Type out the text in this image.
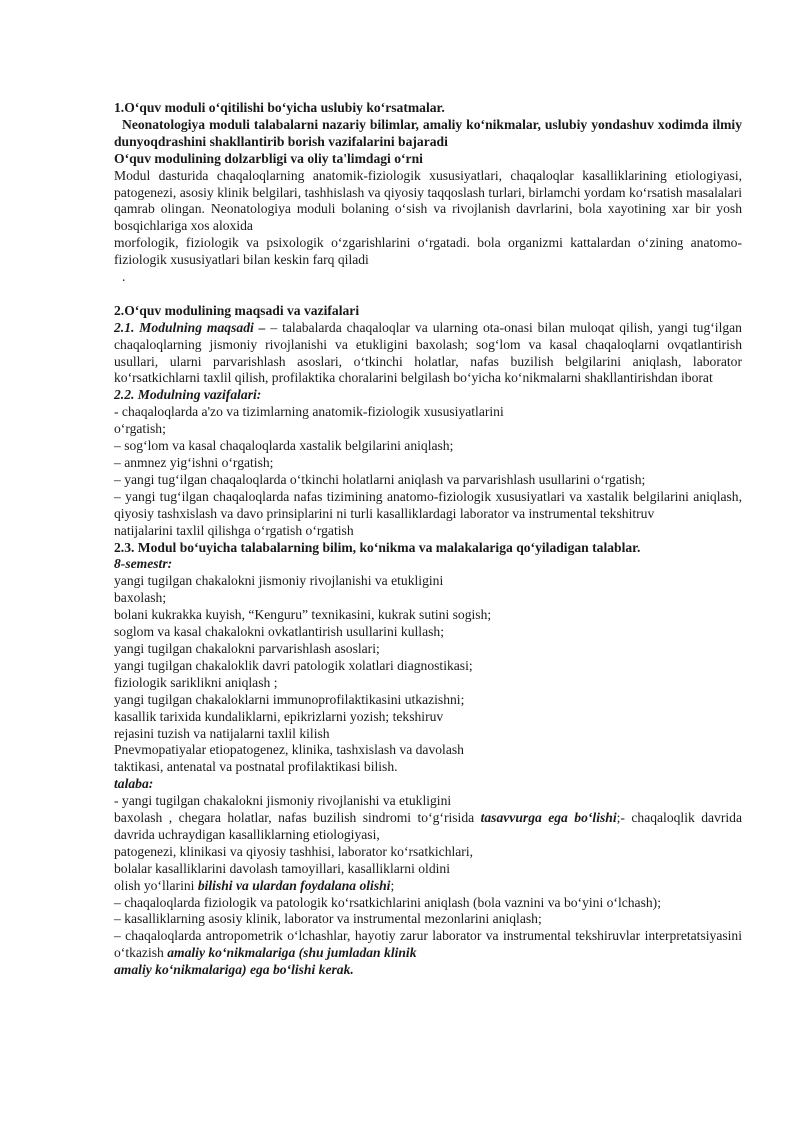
1.O‘quv moduli o‘qitilishi bo‘yicha uslubiy ko‘rsatmalar.

Neonatologiya moduli talabalarni nazariy bilimlar, amaliy ko‘nikmalar, uslubiy yondashuv xodimda ilmiy dunyoqdrashini shakllantirib borish vazifalarini bajaradi

O‘quv modulining dolzarbligi va oliy ta'limdagi o‘rni

Modul dasturida chaqaloqlarning anatomik-fiziologik xususiyatlari, chaqaloqlar kasalliklarining etiologiyasi, patogenezi, asosiy klinik belgilari, tashhislash va qiyosiy taqqoslash turlari, birlamchi yordam ko‘rsatish masalalari qamrab olingan. Neonatologiya moduli bolaning o‘sish va rivojlanish davrlarini, bola xayotining xar bir yosh bosqichlariga xos aloxida

morfologik, fiziologik va psixologik o‘zgarishlarini o‘rgatadi. bola organizmi kattalardan o‘zining anatomo-fiziologik xususiyatlari bilan keskin farq qiladi

.

2.O‘quv modulining maqsadi va vazifalari

2.1. Modulning maqsadi – – talabalarda chaqaloqlar va ularning ota-onasi bilan muloqat qilish, yangi tug‘ilgan chaqaloqlarning jismoniy rivojlanishi va etukligini baxolash; sog‘lom va kasal chaqaloqlarni ovqatlantirish usullari, ularni parvarishlash asoslari, o‘tkinchi holatlar, nafas buzilish belgilarini aniqlash, laborator ko‘rsatkichlarni taxlil qilish, profilaktika choralarini belgilash bo‘yicha ko‘nikmalarni shakllantirishdan iborat

2.2. Modulning vazifalari:

- chaqaloqlarda a'zo va tizimlarning anatomik-fiziologik xususiyatlarini

o‘rgatish;

– sog‘lom va kasal chaqaloqlarda xastalik belgilarini aniqlash;

– anmnez yig‘ishni o‘rgatish;

– yangi tug‘ilgan chaqaloqlarda o‘tkinchi holatlarni aniqlash va parvarishlash usullarini o‘rgatish;

– yangi tug‘ilgan chaqaloqlarda nafas tizimining anatomo-fiziologik xususiyatlari va xastalik belgilarini aniqlash, qiyosiy tashxislash va davo prinsiplarini ni turli kasalliklardagi laborator va instrumental tekshitruv

natijalarini taxlil qilishga o‘rgatish o‘rgatish

2.3. Modul bo‘uyicha talabalarning bilim, ko‘nikma va malakalariga qo‘yiladigan talablar.

8-semestr:

yangi tugilgan chakalokni jismoniy rivojlanishi va etukligini

baxolash;

bolani kukrakka kuyish, “Kenguru” texnikasini, kukrak sutini sogish;

soglom va kasal chakalokni ovkatlantirish usullarini kullash;

yangi tugilgan chakalokni parvarishlash asoslari;

yangi tugilgan chakaloklik davri patologik xolatlari diagnostikasi;

fiziologik sariklikni aniqlash ;

yangi tugilgan chakaloklarni immunoprofilaktikasini utkazishni;

kasallik tarixida kundaliklarni, epikrizlarni yozish; tekshiruv

rejasini tuzish va natijalarni taxlil kilish

Pnevmopatiyalar etiopatogenez, klinika, tashxislash va davolash

taktikasi, antenatal va postnatal profilaktikasi bilish.

talaba:

- yangi tugilgan chakalokni jismoniy rivojlanishi va etukligini

baxolash , chegara holatlar, nafas buzilish sindromi to‘g‘risida tasavvurga ega bo‘lishi;- chaqaloqlik davrida davrida uchraydigan kasalliklarning etiologiyasi,

patogenezi, klinikasi va qiyosiy tashhisi, laborator ko‘rsatkichlari,

bolalar kasalliklarini davolash tamoyillari, kasalliklarni oldini

olish yo‘llarini bilishi va ulardan foydalana olishi;

– chaqaloqlarda fiziologik va patologik ko‘rsatkichlarini aniqlash (bola vaznini va bo‘yini o‘lchash);

– kasalliklarning asosiy klinik, laborator va instrumental mezonlarini aniqlash;

– chaqaloqlarda antropometrik o‘lchashlar, hayotiy zarur laborator va instrumental tekshiruvlar interpretatsiyasini o‘tkazish amaliy ko‘nikmalariga (shu jumladan klinik

amaliy ko‘nikmalariga) ega bo‘lishi kerak.
